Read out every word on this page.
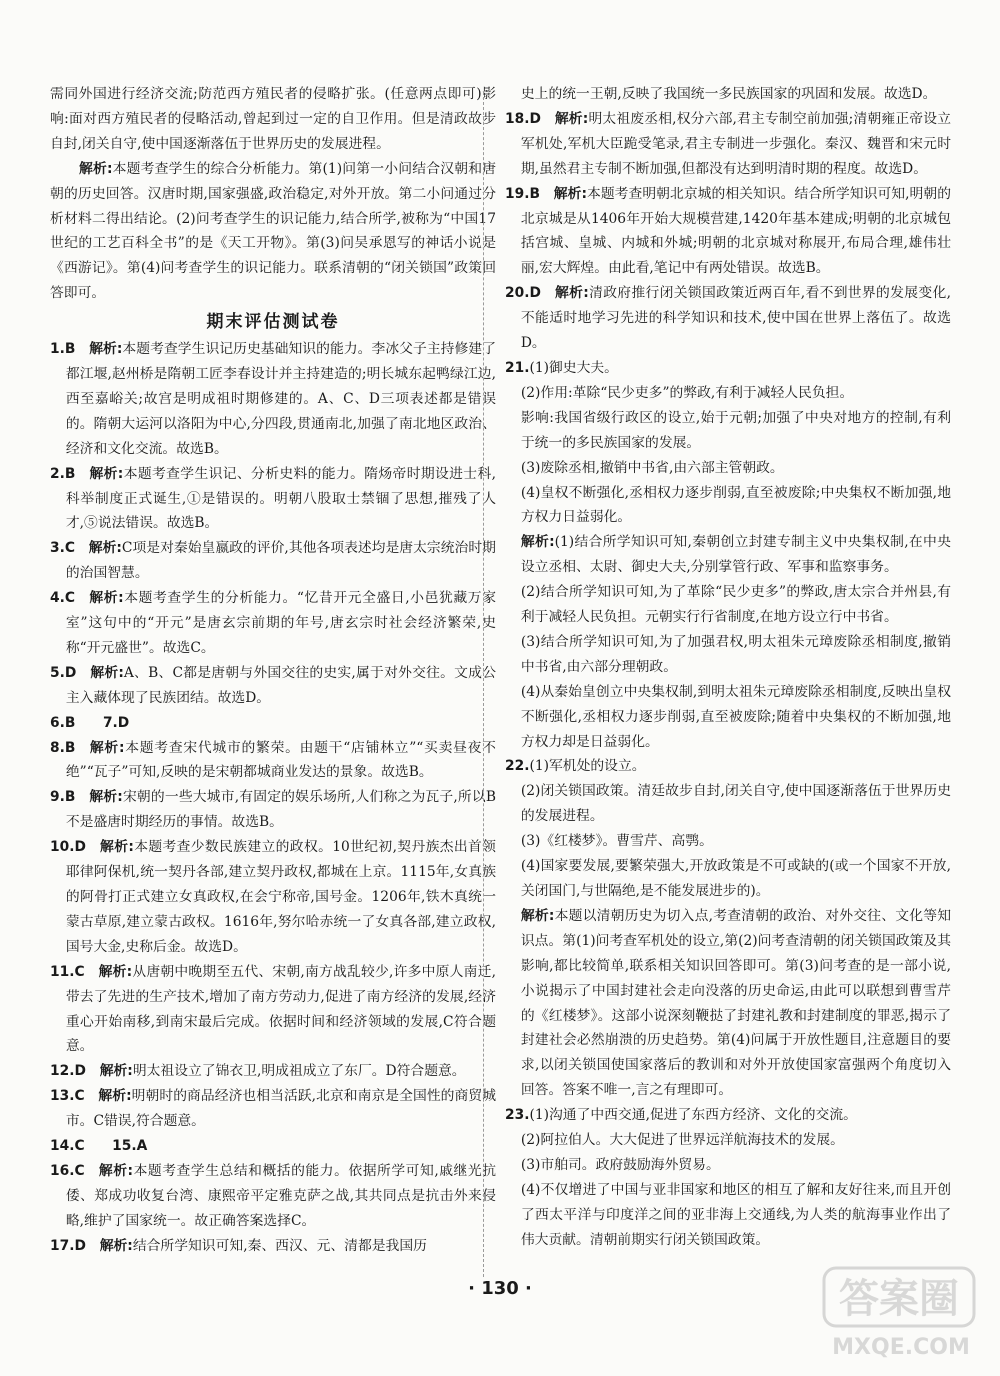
需同外国进行经济交流;防范西方殖民者的侵略扩张。(任意两点即可)影响:面对西方殖民者的侵略活动,曾起到过一定的自卫作用。但是清政故步自封,闭关自守,使中国逐渐落伍于世界历史的发展进程。

解析:本题考查学生的综合分析能力。第(1)问第一小问结合汉朝和唐朝的历史回答。汉唐时期,国家强盛,政治稳定,对外开放。第二小问通过分析材料二得出结论。(2)问考查学生的识记能力,结合所学,被称为“中国17世纪的工艺百科全书”的是《天工开物》。第(3)问吴承恩写的神话小说是《西游记》。第(4)问考查学生的识记能力。联系清朝的“闭关锁国”政策回答即可。

期末评估测试卷

1.B 解析:本题考查学生识记历史基础知识的能力。李冰父子主持修建了都江堰,赵州桥是隋朝工匠李春设计并主持建造的;明长城东起鸭绿江边,西至嘉峪关;故宫是明成祖时期修建的。A、C、D三项表述都是错误的。隋朝大运河以洛阳为中心,分四段,贯通南北,加强了南北地区政治、经济和文化交流。故选B。

2.B 解析:本题考查学生识记、分析史料的能力。隋炀帝时期设进士科,科举制度正式诞生,①是错误的。明朝八股取士禁锢了思想,摧残了人才,⑤说法错误。故选B。

3.C 解析:C项是对秦始皇嬴政的评价,其他各项表述均是唐太宗统治时期的治国智慧。

4.C 解析:本题考查学生的分析能力。“忆昔开元全盛日,小邑犹藏万家室”这句中的“开元”是唐玄宗前期的年号,唐玄宗时社会经济繁荣,史称“开元盛世”。故选C。

5.D 解析:A、B、C都是唐朝与外国交往的史实,属于对外交往。文成公主入藏体现了民族团结。故选D。

6.B  7.D

8.B 解析:本题考查宋代城市的繁荣。由题干“店铺林立”“买卖昼夜不绝”“瓦子”可知,反映的是宋朝都城商业发达的景象。故选B。

9.B 解析:宋朝的一些大城市,有固定的娱乐场所,人们称之为瓦子,所以B不是盛唐时期经历的事情。故选B。

10.D 解析:本题考查少数民族建立的政权。10世纪初,契丹族杰出首领耶律阿保机,统一契丹各部,建立契丹政权,都城在上京。1115年,女真族的阿骨打正式建立女真政权,在会宁称帝,国号金。1206年,铁木真统一蒙古草原,建立蒙古政权。1616年,努尔哈赤统一了女真各部,建立政权,国号大金,史称后金。故选D。

11.C 解析:从唐朝中晚期至五代、宋朝,南方战乱较少,许多中原人南迁,带去了先进的生产技术,增加了南方劳动力,促进了南方经济的发展,经济重心开始南移,到南宋最后完成。依据时间和经济领域的发展,C符合题意。

12.D 解析:明太祖设立了锦衣卫,明成祖成立了东厂。D符合题意。

13.C 解析:明朝时的商品经济也相当活跃,北京和南京是全国性的商贸城市。C错误,符合题意。

14.C  15.A

16.C 解析:本题考查学生总结和概括的能力。依据所学可知,戚继光抗倭、郑成功收复台湾、康熙帝平定雅克萨之战,其共同点是抗击外来侵略,维护了国家统一。故正确答案选择C。

17.D 解析:结合所学知识可知,秦、西汉、元、清都是我国历

史上的统一王朝,反映了我国统一多民族国家的巩固和发展。故选D。

18.D 解析:明太祖废丞相,权分六部,君主专制空前加强;清朝雍正帝设立军机处,军机大臣跪受笔录,君主专制进一步强化。秦汉、魏晋和宋元时期,虽然君主专制不断加强,但都没有达到明清时期的程度。故选D。

19.B 解析:本题考查明朝北京城的相关知识。结合所学知识可知,明朝的北京城是从1406年开始大规模营建,1420年基本建成;明朝的北京城包括宫城、皇城、内城和外城;明朝的北京城对称展开,布局合理,雄伟壮丽,宏大辉煌。由此看,笔记中有两处错误。故选B。

20.D 解析:清政府推行闭关锁国政策近两百年,看不到世界的发展变化,不能适时地学习先进的科学知识和技术,使中国在世界上落伍了。故选D。

21.(1)御史大夫。

(2)作用:革除“民少吏多”的弊政,有利于减轻人民负担。

影响:我国省级行政区的设立,始于元朝;加强了中央对地方的控制,有利于统一的多民族国家的发展。

(3)废除丞相,撤销中书省,由六部主管朝政。

(4)皇权不断强化,丞相权力逐步削弱,直至被废除;中央集权不断加强,地方权力日益弱化。

解析:(1)结合所学知识可知,秦朝创立封建专制主义中央集权制,在中央设立丞相、太尉、御史大夫,分别掌管行政、军事和监察事务。

(2)结合所学知识可知,为了革除“民少吏多”的弊政,唐太宗合并州县,有利于减轻人民负担。元朝实行行省制度,在地方设立行中书省。

(3)结合所学知识可知,为了加强君权,明太祖朱元璋废除丞相制度,撤销中书省,由六部分理朝政。

(4)从秦始皇创立中央集权制,到明太祖朱元璋废除丞相制度,反映出皇权不断强化,丞相权力逐步削弱,直至被废除;随着中央集权的不断加强,地方权力却是日益弱化。

22.(1)军机处的设立。

(2)闭关锁国政策。清廷故步自封,闭关自守,使中国逐渐落伍于世界历史的发展进程。

(3)《红楼梦》。曹雪芹、高鹗。

(4)国家要发展,要繁荣强大,开放政策是不可或缺的(或一个国家不开放,关闭国门,与世隔绝,是不能发展进步的)。

解析:本题以清朝历史为切入点,考查清朝的政治、对外交往、文化等知识点。第(1)问考查军机处的设立,第(2)问考查清朝的闭关锁国政策及其影响,都比较简单,联系相关知识回答即可。第(3)问考查的是一部小说,小说揭示了中国封建社会走向没落的历史命运,由此可以联想到曹雪芹的《红楼梦》。这部小说深刻鞭挞了封建礼教和封建制度的罪恶,揭示了封建社会必然崩溃的历史趋势。第(4)问属于开放性题目,注意题目的要求,以闭关锁国使国家落后的教训和对外开放使国家富强两个角度切入回答。答案不唯一,言之有理即可。

23.(1)沟通了中西交通,促进了东西方经济、文化的交流。

(2)阿拉伯人。大大促进了世界远洋航海技术的发展。

(3)市舶司。政府鼓励海外贸易。

(4)不仅增进了中国与亚非国家和地区的相互了解和友好往来,而且开创了西太平洋与印度洋之间的亚非海上交通线,为人类的航海事业作出了伟大贡献。清朝前期实行闭关锁国政策。

· 130 ·	答案圈
MXQE.COM
